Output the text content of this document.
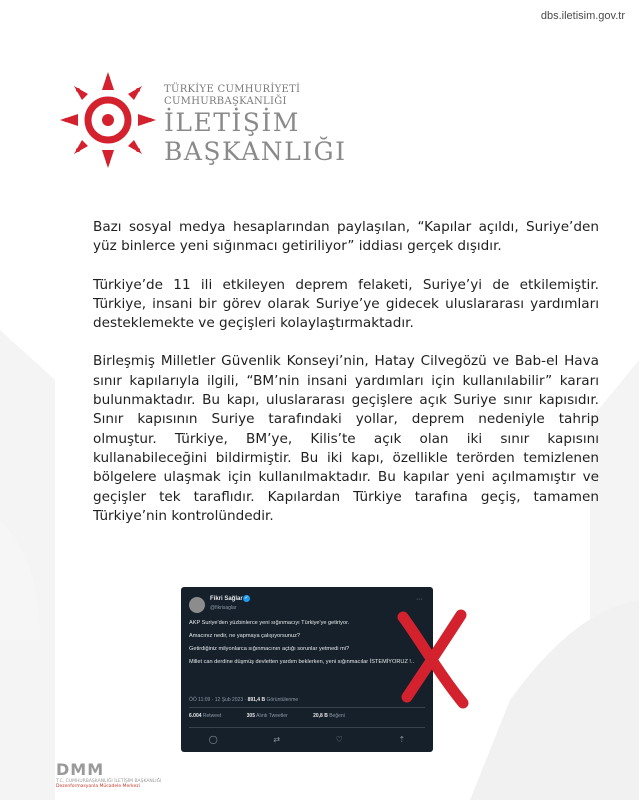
dbs.iletisim.gov.tr
TÜRKİYE CUMHURİYETİ
CUMHURBAŞKANLIĞI
İLETİŞİM
BAŞKANLIĞI

Bazı sosyal medya hesaplarından paylaşılan, “Kapılar açıldı, Suriye’den yüz binlerce yeni sığınmacı getiriliyor” iddiası gerçek dışıdır.

Türkiye’de 11 ili etkileyen deprem felaketi, Suriye’yi de etkilemiştir. Türkiye, insani bir görev olarak Suriye’ye gidecek uluslararası yardımları desteklemekte ve geçişleri kolaylaştırmaktadır.

Birleşmiş Milletler Güvenlik Konseyi’nin, Hatay Cilvegözü ve Bab-el Hava sınır kapılarıyla ilgili, “BM’nin insani yardımları için kullanılabilir” kararı bulunmaktadır. Bu kapı, uluslararası geçişlere açık Suriye sınır kapısıdır. Sınır kapısının Suriye tarafındaki yollar, deprem nedeniyle tahrip olmuştur. Türkiye, BM’ye, Kilis’te açık olan iki sınır kapısını kullanabileceğini bildirmiştir. Bu iki kapı, özellikle terörden temizlenen bölgelere ulaşmak için kullanılmaktadır. Bu kapılar yeni açılmamıştır ve geçişler tek taraflıdır. Kapılardan Türkiye tarafına geçiş, tamamen Türkiye’nin kontrolündedir.

Fikri Sağlar ✓
@fikrisaglar
···
AKP Suriye'den yüzbinlerce yeni sığınmacıyı Türkiye'ye getiriyor.
Amacınız nedir, ne yapmaya çalışıyorsunuz?
Getirdiğiniz milyonlarca sığınmacının açtığı sorunlar yetmedi mi?
Millet can derdine düşmüş devletten yardım beklerken, yeni sığınmacılar İSTEMİYORUZ !..
ÖÖ 11:09 · 12 Şub 2023 · 891,4 B Görüntülenme
6.004 Retweet	305 Alıntı Tweetler	20,8 B Beğeni
◯	⇄	♡	⇡
DMM
T.C. CUMHURBAŞKANLIĞI İLETİŞİM BAŞKANLIĞI
Dezenformasyonla Mücadele Merkezi
